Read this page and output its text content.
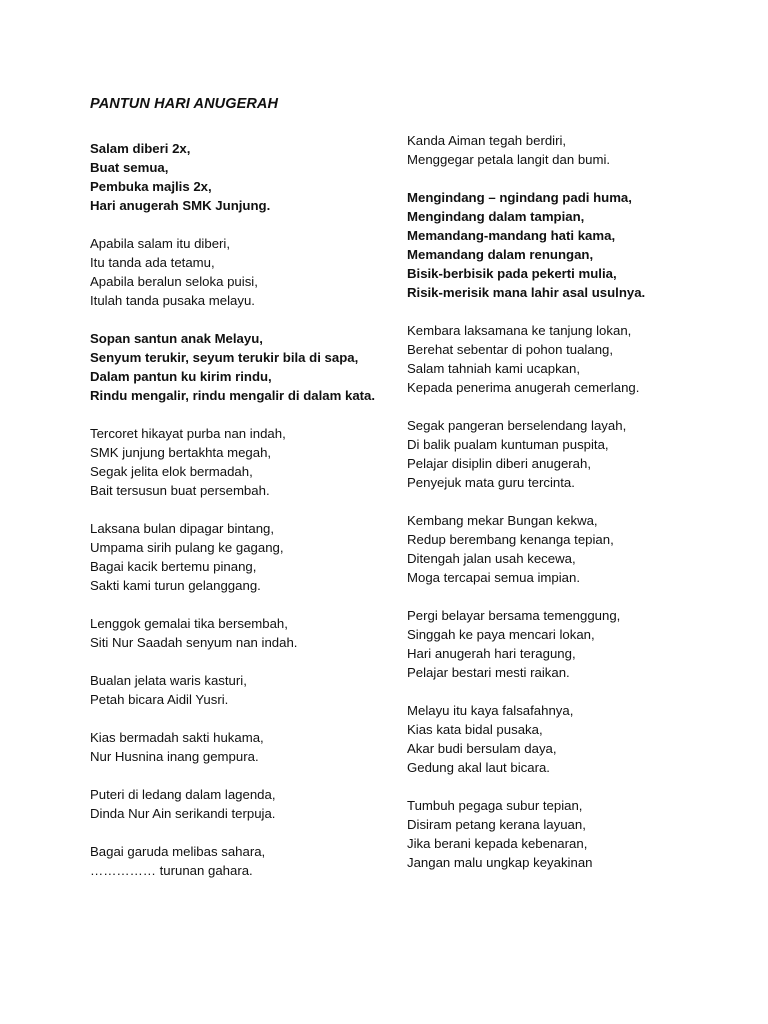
PANTUN HARI ANUGERAH

Salam diberi 2x,
Buat semua,
Pembuka majlis 2x,
Hari anugerah SMK Junjung.

Apabila salam itu diberi,
Itu tanda ada tetamu,
Apabila beralun seloka puisi,
Itulah tanda pusaka melayu.

Sopan santun anak Melayu,
Senyum terukir, seyum terukir bila di sapa,
Dalam pantun ku kirim rindu,
Rindu mengalir, rindu mengalir di dalam kata.

Tercoret hikayat purba nan indah,
SMK junjung bertakhta megah,
Segak jelita elok bermadah,
Bait tersusun buat persembah.

Laksana bulan dipagar bintang,
Umpama sirih pulang ke gagang,
Bagai kacik bertemu pinang,
Sakti kami turun gelanggang.

Lenggok gemalai tika bersembah,
Siti Nur Saadah senyum nan indah.

Bualan jelata waris kasturi,
Petah bicara Aidil Yusri.

Kias bermadah sakti hukama,
Nur Husnina inang gempura.

Puteri di ledang dalam lagenda,
Dinda Nur Ain serikandi terpuja.

Bagai garuda melibas sahara,
…………… turunan gahara.

Kanda Aiman tegah berdiri,
Menggegar petala langit dan bumi.

Mengindang – ngindang padi huma,
Mengindang dalam tampian,
Memandang-mandang hati kama,
Memandang dalam renungan,
Bisik-berbisik pada pekerti mulia,
Risik-merisik mana lahir asal usulnya.

Kembara laksamana ke tanjung lokan,
Berehat sebentar di pohon tualang,
Salam tahniah kami ucapkan,
Kepada penerima anugerah cemerlang.

Segak pangeran berselendang layah,
Di balik pualam kuntuman puspita,
Pelajar disiplin diberi anugerah,
Penyejuk mata guru tercinta.

Kembang mekar Bungan kekwa,
Redup berembang kenanga tepian,
Ditengah jalan usah kecewa,
Moga tercapai semua impian.

Pergi belayar bersama temenggung,
Singgah ke paya mencari lokan,
Hari anugerah hari teragung,
Pelajar bestari mesti raikan.

Melayu itu kaya falsafahnya,
Kias kata bidal pusaka,
Akar budi bersulam daya,
Gedung akal laut bicara.

Tumbuh pegaga subur tepian,
Disiram petang kerana layuan,
Jika berani kepada kebenaran,
Jangan malu ungkap keyakinan
